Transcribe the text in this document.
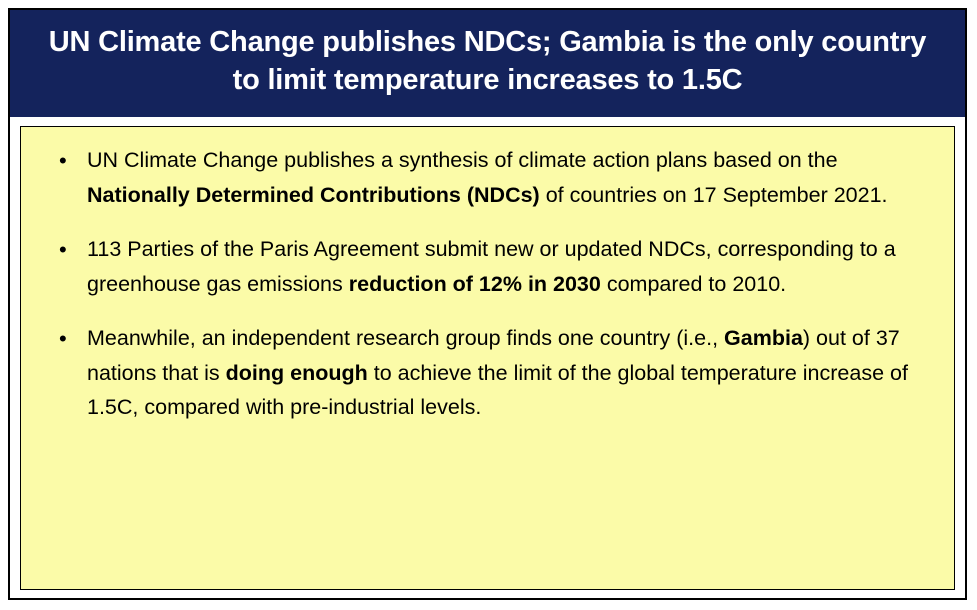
UN Climate Change publishes NDCs; Gambia is the only country to limit temperature increases to 1.5C
• UN Climate Change publishes a synthesis of climate action plans based on the Nationally Determined Contributions (NDCs) of countries on 17 September 2021.
• 113 Parties of the Paris Agreement submit new or updated NDCs, corresponding to a greenhouse gas emissions reduction of 12% in 2030 compared to 2010.
• Meanwhile, an independent research group finds one country (i.e., Gambia) out of 37 nations that is doing enough to achieve the limit of the global temperature increase of 1.5C, compared with pre-industrial levels.
